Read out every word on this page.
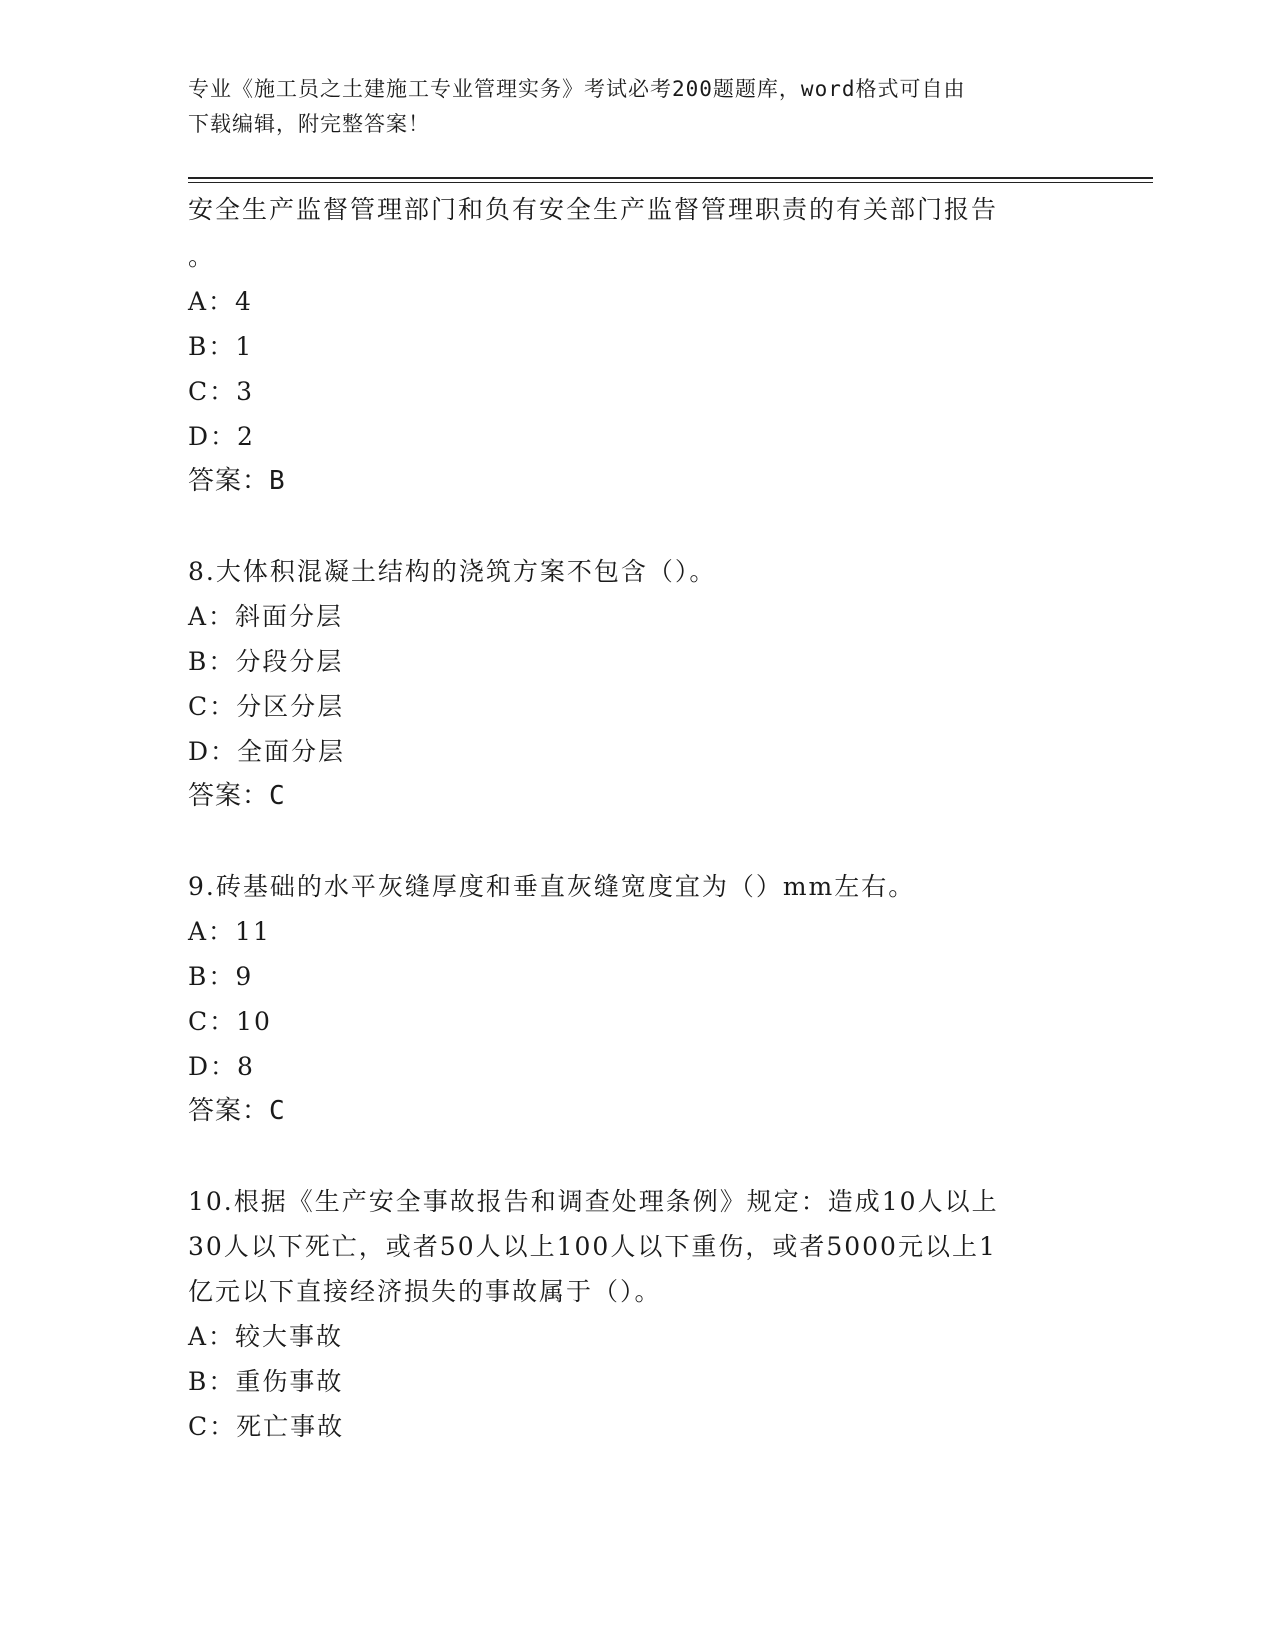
专业《施工员之土建施工专业管理实务》考试必考200题题库，word格式可自由
下载编辑，附完整答案！
安全生产监督管理部门和负有安全生产监督管理职责的有关部门报告
。
A：4
B：1
C：3
D：2
答案：B
8.大体积混凝土结构的浇筑方案不包含（）。
A：斜面分层
B：分段分层
C：分区分层
D：全面分层
答案：C
9.砖基础的水平灰缝厚度和垂直灰缝宽度宜为（）mm左右。
A：11
B：9
C：10
D：8
答案：C
10.根据《生产安全事故报告和调查处理条例》规定：造成10人以上
30人以下死亡，或者50人以上100人以下重伤，或者5000元以上1
亿元以下直接经济损失的事故属于（）。
A：较大事故
B：重伤事故
C：死亡事故
